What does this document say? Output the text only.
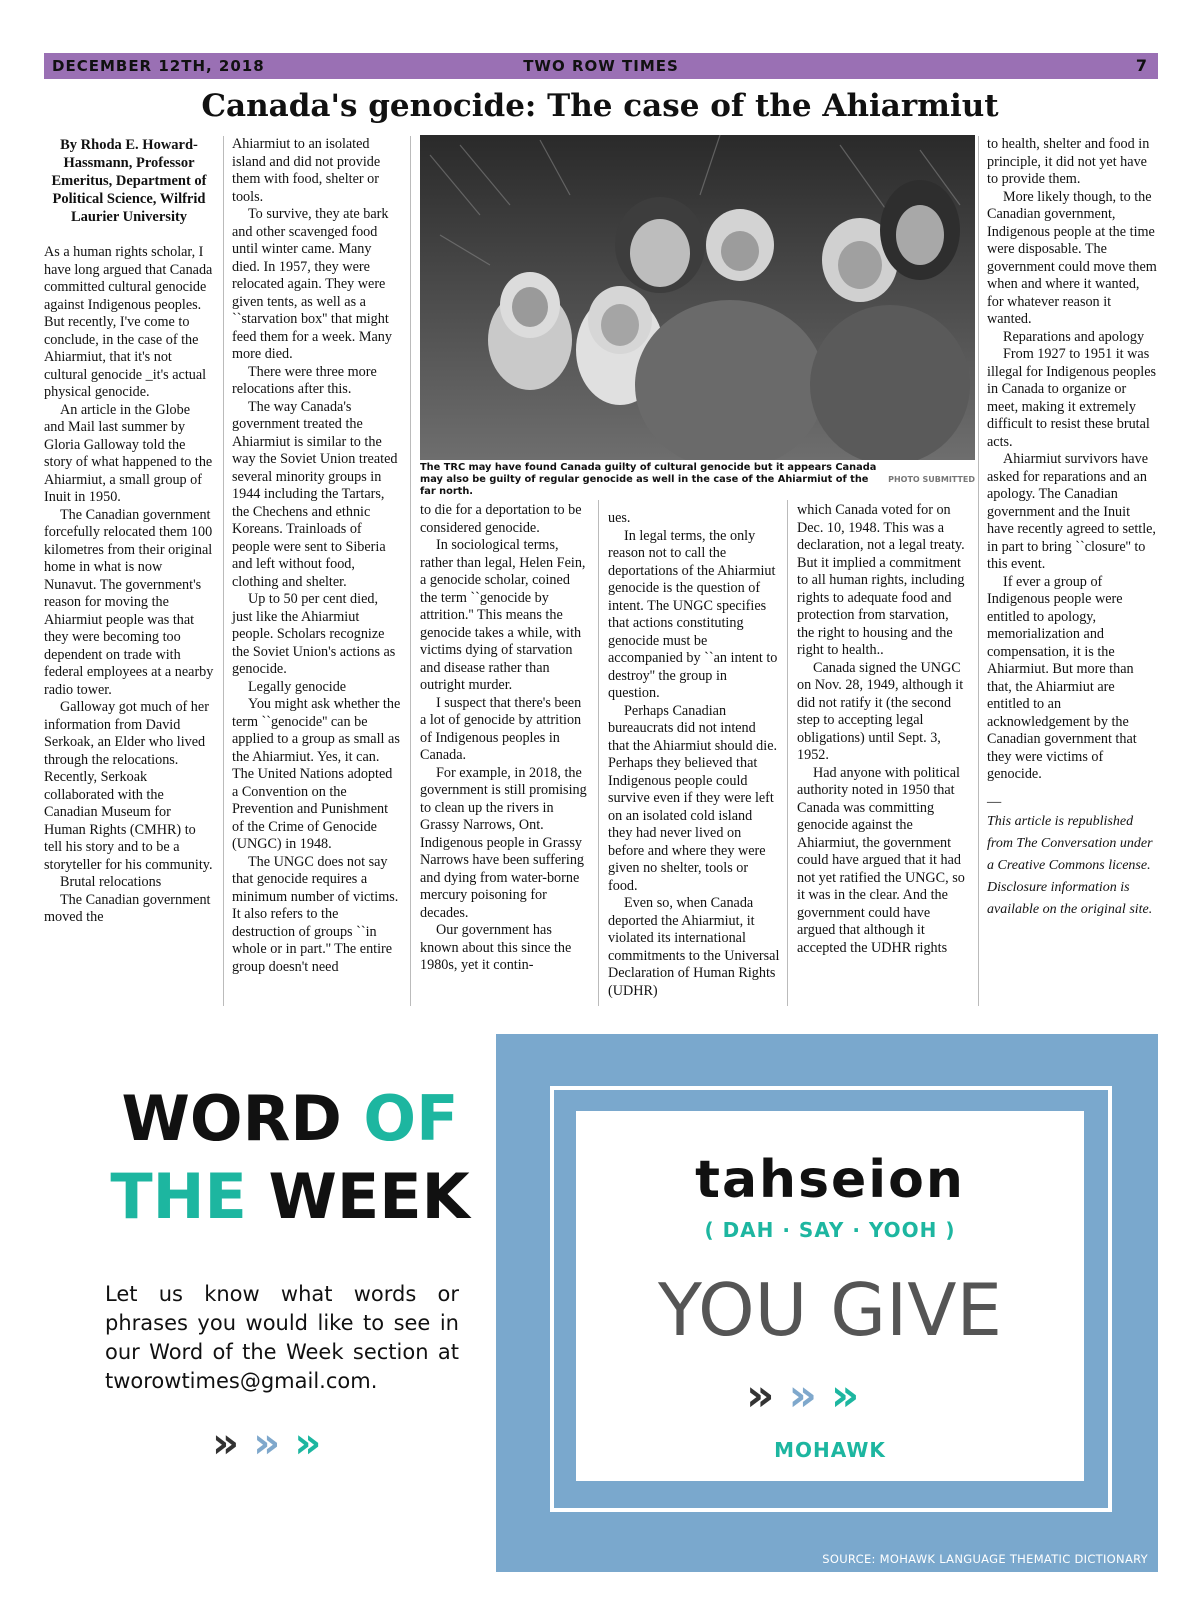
DECEMBER 12TH, 2018	TWO ROW TIMES	7
Canada's genocide: The case of the Ahiarmiut

By Rhoda E. Howard-Hassmann, Professor Emeritus, Department of Political Science, Wilfrid Laurier University

As a human rights scholar, I have long argued that Canada committed cultural genocide against Indigenous peoples. But recently, I've come to conclude, in the case of the Ahiarmiut, that it's not cultural genocide _it's actual physical genocide.

An article in the Globe and Mail last summer by Gloria Galloway told the story of what happened to the Ahiarmiut, a small group of Inuit in 1950.

The Canadian government forcefully relocated them 100 kilometres from their original home in what is now Nunavut. The government's reason for moving the Ahiarmiut people was that they were becoming too dependent on trade with federal employees at a nearby radio tower.

Galloway got much of her information from David Serkoak, an Elder who lived through the relocations. Recently, Serkoak collaborated with the Canadian Museum for Human Rights (CMHR) to tell his story and to be a storyteller for his community.

Brutal relocations

The Canadian government moved the

Ahiarmiut to an isolated island and did not provide them with food, shelter or tools.

To survive, they ate bark and other scavenged food until winter came. Many died. In 1957, they were relocated again. They were given tents, as well as a ``starvation box'' that might feed them for a week. Many more died.

There were three more relocations after this.

The way Canada's government treated the Ahiarmiut is similar to the way the Soviet Union treated several minority groups in 1944 including the Tartars, the Chechens and ethnic Koreans. Trainloads of people were sent to Siberia and left without food, clothing and shelter.

Up to 50 per cent died, just like the Ahiarmiut people. Scholars recognize the Soviet Union's actions as genocide.

Legally genocide

You might ask whether the term ``genocide'' can be applied to a group as small as the Ahiarmiut. Yes, it can. The United Nations adopted a Convention on the Prevention and Punishment of the Crime of Genocide (UNGC) in 1948.

The UNGC does not say that genocide requires a minimum number of victims. It also refers to the destruction of groups ``in whole or in part.'' The entire group doesn't need

PHOTO SUBMITTED
The TRC may have found Canada guilty of cultural genocide but it appears Canada may also be guilty of regular genocide as well in the case of the Ahiarmiut of the far north.

to die for a deportation to be considered genocide.

In sociological terms, rather than legal, Helen Fein, a genocide scholar, coined the term ``genocide by attrition.'' This means the genocide takes a while, with victims dying of starvation and disease rather than outright murder.

I suspect that there's been a lot of genocide by attrition of Indigenous peoples in Canada.

For example, in 2018, the government is still promising to clean up the rivers in Grassy Narrows, Ont. Indigenous people in Grassy Narrows have been suffering and dying from water-borne mercury poisoning for decades.

Our government has known about this since the 1980s, yet it contin-

ues.

In legal terms, the only reason not to call the deportations of the Ahiarmiut genocide is the question of intent. The UNGC specifies that actions constituting genocide must be accompanied by ``an intent to destroy'' the group in question.

Perhaps Canadian bureaucrats did not intend that the Ahiarmiut should die. Perhaps they believed that Indigenous people could survive even if they were left on an isolated cold island they had never lived on before and where they were given no shelter, tools or food.

Even so, when Canada deported the Ahiarmiut, it violated its international commitments to the Universal Declaration of Human Rights (UDHR)

which Canada voted for on Dec. 10, 1948. This was a declaration, not a legal treaty. But it implied a commitment to all human rights, including rights to adequate food and protection from starvation, the right to housing and the right to health..

Canada signed the UNGC on Nov. 28, 1949, although it did not ratify it (the second step to accepting legal obligations) until Sept. 3, 1952.

Had anyone with political authority noted in 1950 that Canada was committing genocide against the Ahiarmiut, the government could have argued that it had not yet ratified the UNGC, so it was in the clear. And the government could have argued that although it accepted the UDHR rights

to health, shelter and food in principle, it did not yet have to provide them.

More likely though, to the Canadian government, Indigenous people at the time were disposable. The government could move them when and where it wanted, for whatever reason it wanted.

Reparations and apology

From 1927 to 1951 it was illegal for Indigenous peoples in Canada to organize or meet, making it extremely difficult to resist these brutal acts.

Ahiarmiut survivors have asked for reparations and an apology. The Canadian government and the Inuit have recently agreed to settle, in part to bring ``closure'' to this event.

If ever a group of Indigenous people were entitled to apology, memorialization and compensation, it is the Ahiarmiut. But more than that, the Ahiarmiut are entitled to an acknowledgement by the Canadian government that they were victims of genocide.

—

This article is republished from The Conversation under a Creative Commons license. Disclosure information is available on the original site.

WORD OF
THE WEEK
Let us know what words or phrases you would like to see in our Word of the Week section at tworowtimes@gmail.com.
» » »
tahseion
( DAH · SAY · YOOH )
YOU GIVE
» » »
MOHAWK
SOURCE: MOHAWK LANGUAGE THEMATIC DICTIONARY
